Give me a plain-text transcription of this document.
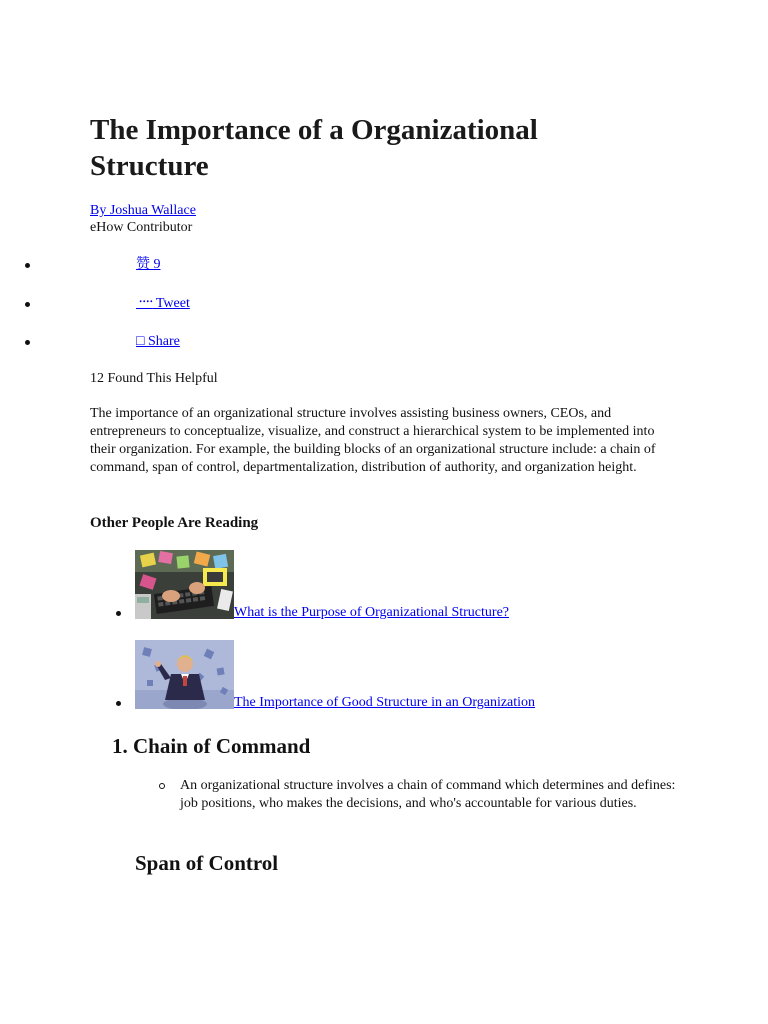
The Importance of a Organizational Structure
By Joshua Wallace
eHow Contributor
赞 9
᠁ Tweet
□ Share
12 Found This Helpful

The importance of an organizational structure involves assisting business owners, CEOs, and entrepreneurs to conceptualize, visualize, and construct a hierarchical system to be implemented into their organization. For example, the building blocks of an organizational structure include: a chain of command, span of control, departmentalization, distribution of authority, and organization height.

Other People Are Reading
What is the Purpose of Organizational Structure?
The Importance of Good Structure in an Organization
1. Chain of Command

An organizational structure involves a chain of command which determines and defines: job positions, who makes the decisions, and who's accountable for various duties.

Span of Control
